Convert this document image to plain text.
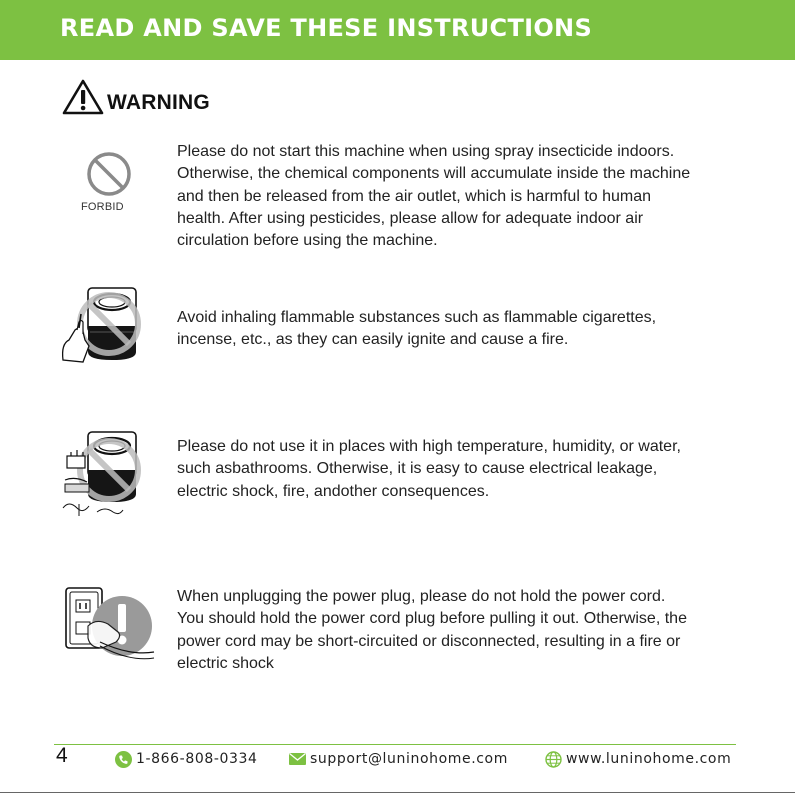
READ AND SAVE THESE INSTRUCTIONS
WARNING
FORBID
Please do not start this machine when using spray insecticide indoors.
Otherwise, the chemical components will accumulate inside the machine
and then be released from the air outlet, which is harmful to human
health. After using pesticides, please allow for adequate indoor air
circulation before using the machine.
Avoid inhaling flammable substances such as flammable cigarettes,
incense, etc., as they can easily ignite and cause a fire.
Please do not use it in places with high temperature, humidity, or water,
such asbathrooms. Otherwise, it is easy to cause electrical leakage,
electric shock, fire, andother consequences.
When unplugging the power plug, please do not hold the power cord.
You should hold the power cord plug before pulling it out. Otherwise, the
power cord may be short-circuited or disconnected, resulting in a fire or
electric shock
4	1-866-808-0334	support@luninohome.com	www.luninohome.com
